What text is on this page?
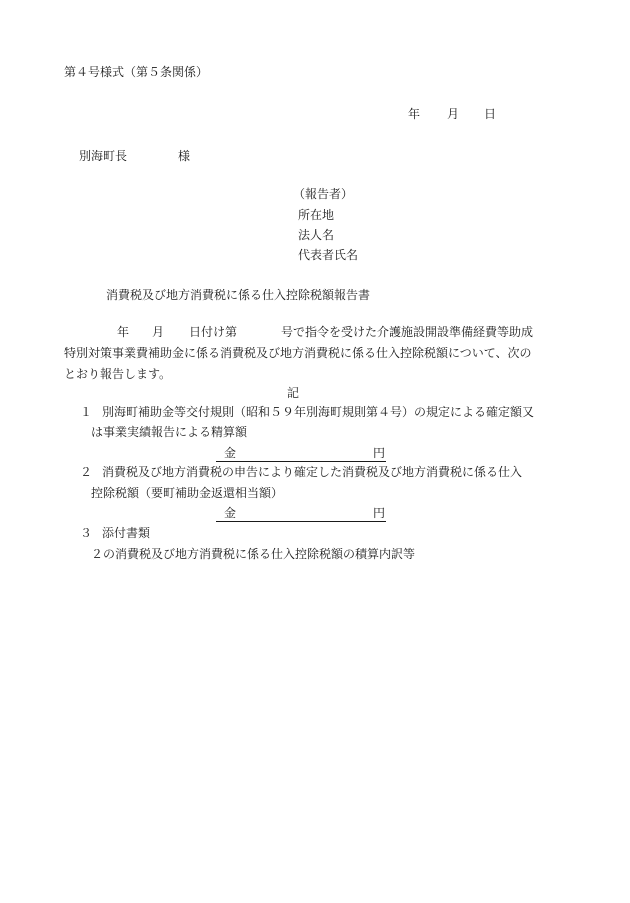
第４号様式（第５条関係）
年 月 日
別海町長	様
（報告者）
所在地
法人名
代表者氏名
消費税及び地方消費税に係る仕入控除税額報告書
年 月 日付け第	号で指令を受けた介護施設開設準備経費等助成
特別対策事業費補助金に係る消費税及び地方消費税に係る仕入控除税額について、次の
とおり報告します。
記
１ 別海町補助金等交付規則（昭和５９年別海町規則第４号）の規定による確定額又
は事業実績報告による精算額
金	円
２ 消費税及び地方消費税の申告により確定した消費税及び地方消費税に係る仕入
控除税額（要町補助金返還相当額）
金	円
３ 添付書類
２の消費税及び地方消費税に係る仕入控除税額の積算内訳等
